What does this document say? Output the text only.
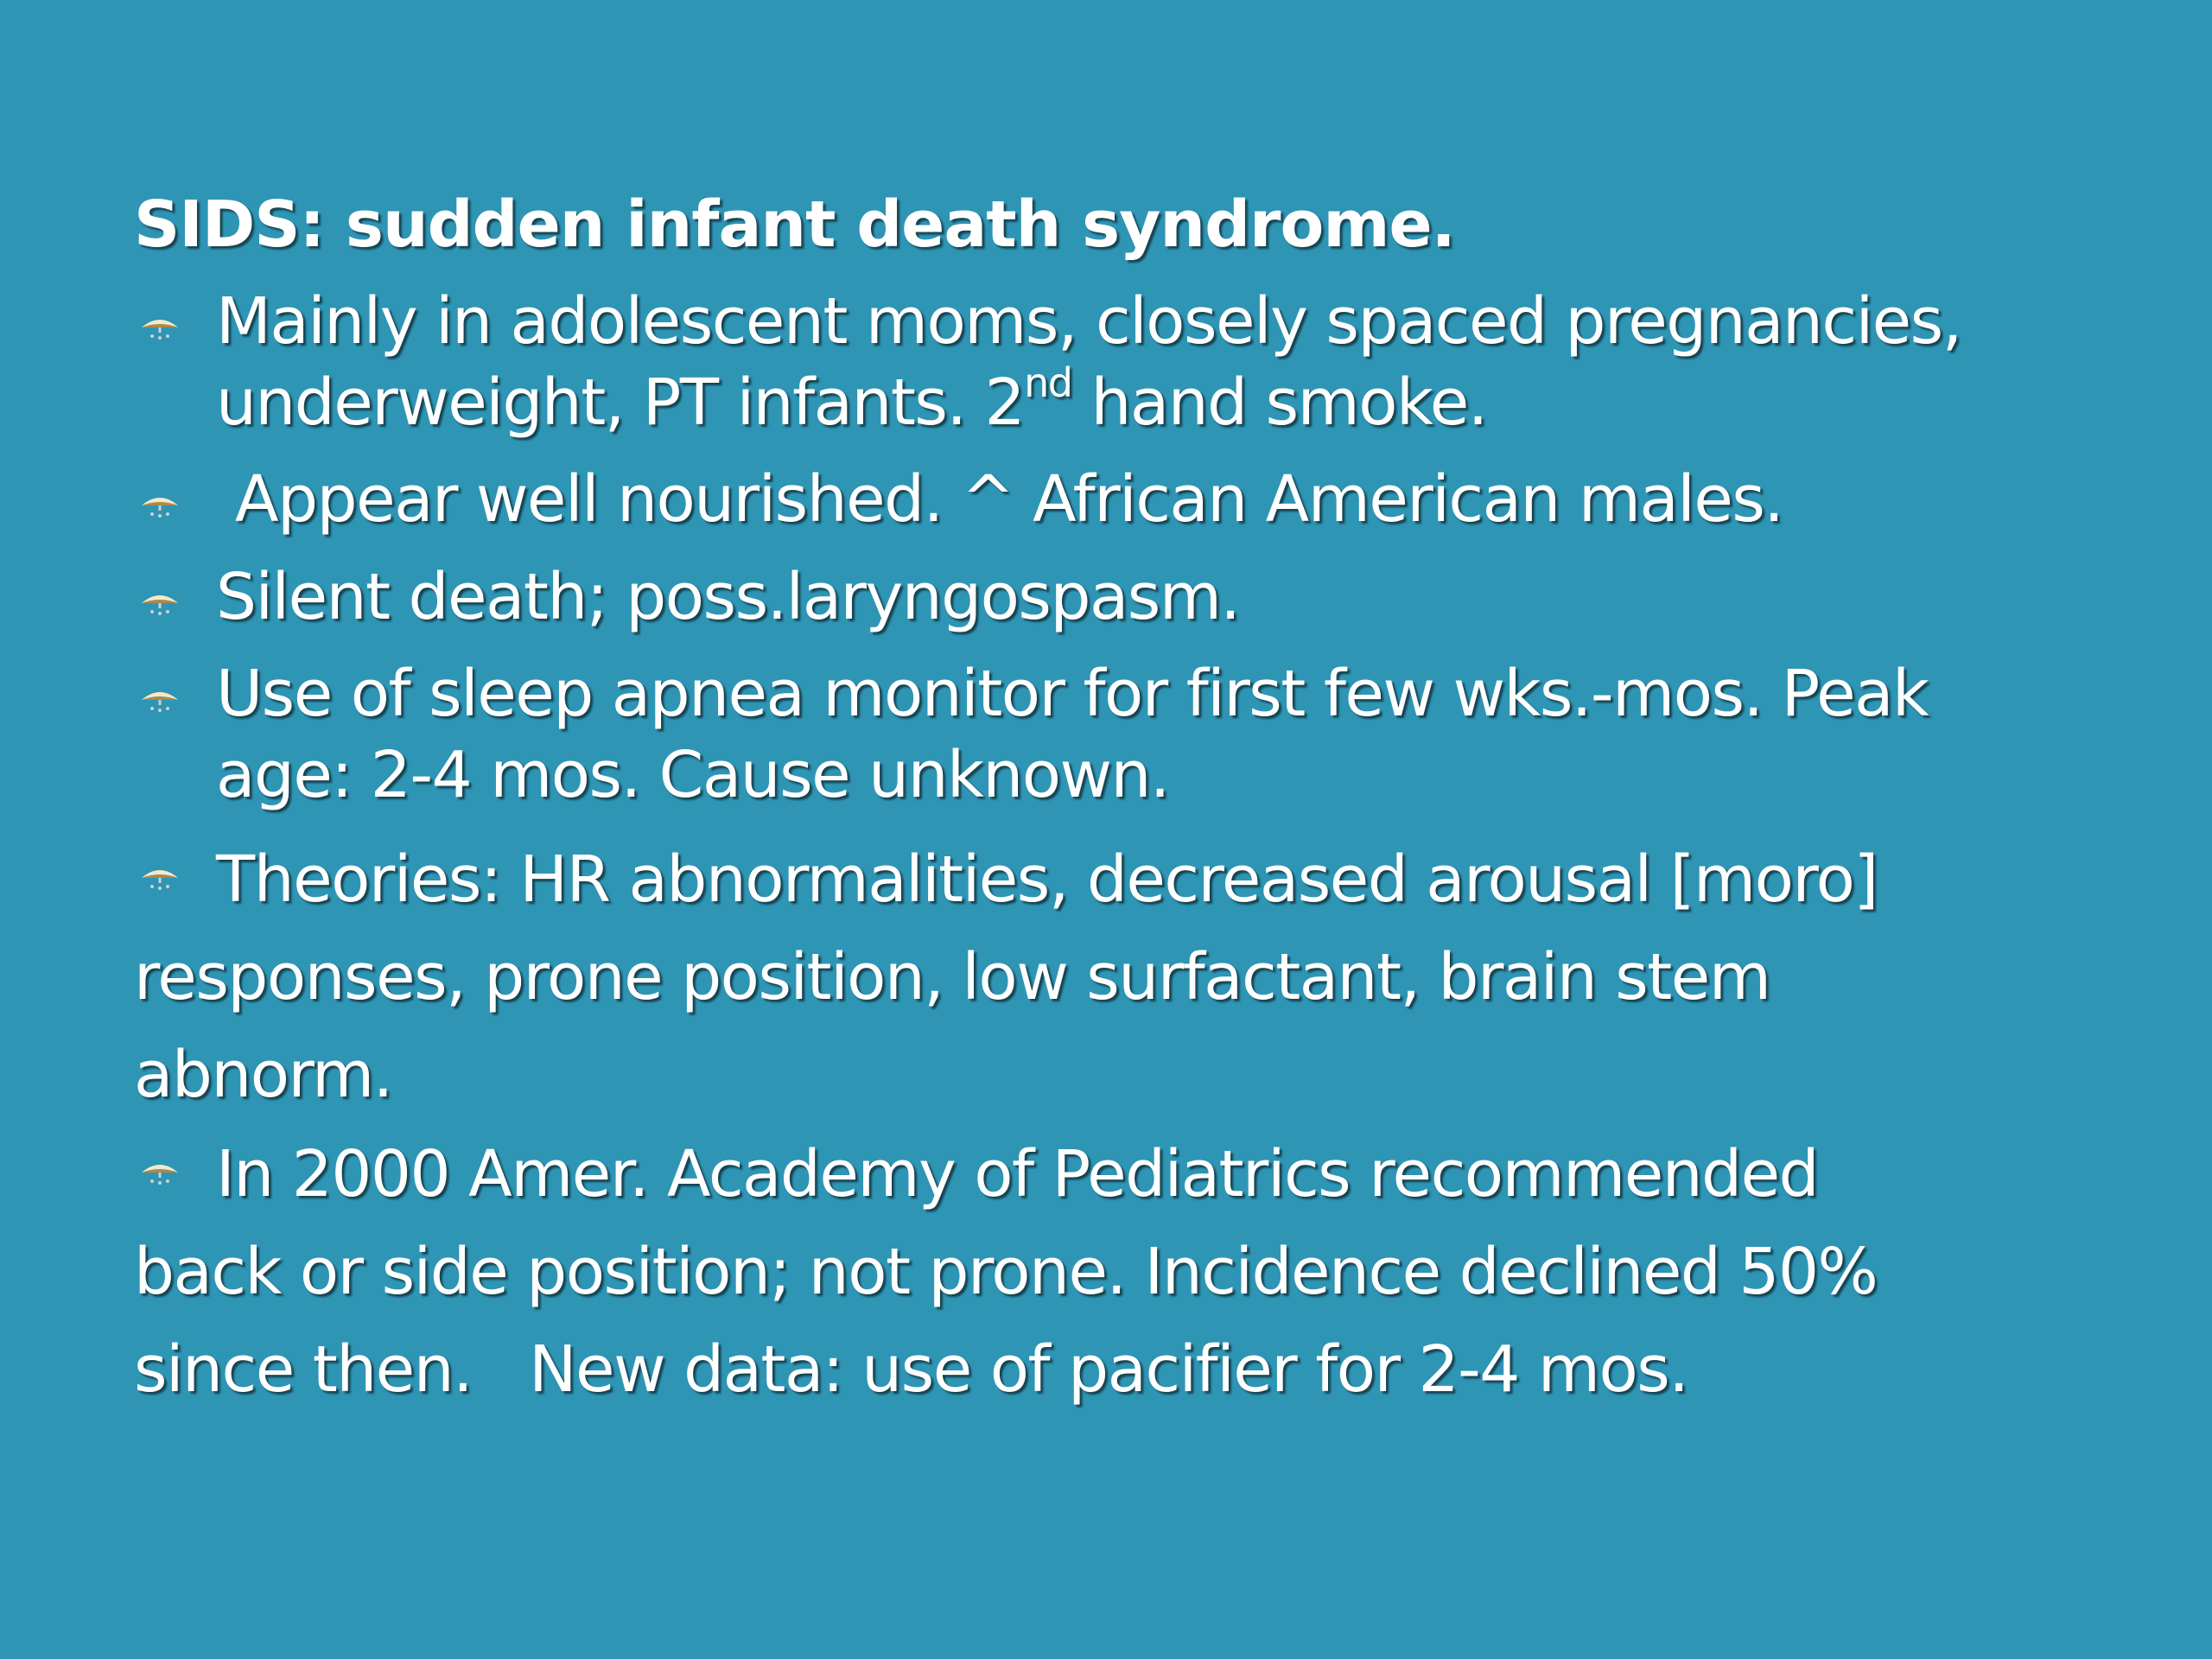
SIDS: sudden infant death syndrome.
Mainly in adolescent moms, closely spaced pregnancies,
underweight, PT infants. 2nd hand smoke.
Appear well nourished. ^ African American males.
Silent death; poss.laryngospasm.
Use of sleep apnea monitor for first few wks.-mos. Peak
age: 2-4 mos. Cause unknown.
Theories: HR abnormalities, decreased arousal [moro]
responses, prone position, low surfactant, brain stem
abnorm.
In 2000 Amer. Academy of Pediatrics recommended
back or side position; not prone. Incidence declined 50%
since then.   New data: use of pacifier for 2-4 mos.
